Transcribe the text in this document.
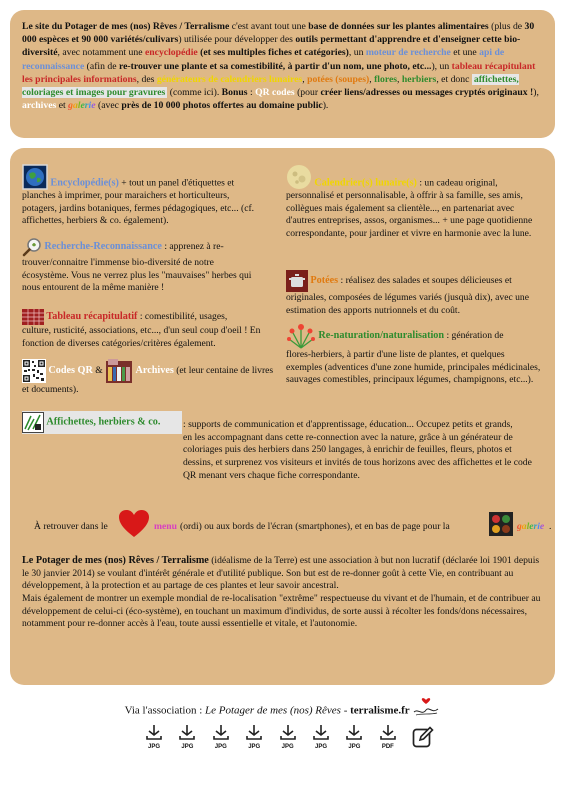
Le site du Potager de mes (nos) Rêves / Terralisme c'est avant tout une base de données sur les plantes alimentaires (plus de 30 000 espèces et 90 000 variétés/culivars) utilisée pour développer des outils permettant d'apprendre et d'enseigner cette bio-diversité, avec notamment une encyclopédie (et ses multiples fiches et catégories), un moteur de recherche et une api de reconnaissance (afin de re-trouver une plante et sa comestibilité, à partir d'un nom, une photo, etc...), un tableau récapitulant les principales informations, des générateurs de calendriers lunaires, potées (soupes), flores, herbiers, et donc affichettes, coloriages et images pour gravures (comme ici). Bonus : QR codes (pour créer liens/adresses ou messages cryptés originaux !), archives et galerie (avec près de 10 000 photos offertes au domaine public).

Encyclopédie(s) + tout un panel d'étiquettes et
planches à imprimer, pour maraichers et horticulteurs, potagers, jardins botaniques, fermes pédagogiques, etc... (cf. affichettes, herbiers & co. également).

Recherche-Reconnaissance : apprenez à re-
trouver/connaitre l'immense bio-diversité de notre écosystème. Vous ne verrez plus les "mauvaises" herbes qui nous entourent de la même manière !

Tableau récapitulatif : comestibilité, usages,
culture, rusticité, associations, etc..., d'un seul coup d'oeil ! En fonction de diverses catégories/critères également.

Codes QR &	Archives (et leur centaine de livres et documents).

Calendrier(s) lunaire(s) : un cadeau original,
personnalisé et personnalisable, à offrir à sa famille, ses amis, collègues mais également sa clientèle..., en partenariat avec d'autres entreprises, assos, organismes... + une page quotidienne correspondante, pour jardiner et vivre en harmonie avec la lune.

Potées : réalisez des salades et soupes délicieuses et
originales, composées de légumes variés (jusquà dix), avec une estimation des apports nutrionnels et du coût.

Re-naturation/naturalisation : génération de
flores-herbiers, à partir d'une liste de plantes, et quelques exemples (adventices d'une zone humide, principales médicinales, sauvages comestibles, principaux légumes, champignons, etc...).

Affichettes, herbiers & co. : supports de communication et d'apprentissage, éducation... Occupez petits et grands,
en les accompagnant dans cette re-connection avec la nature, grâce à un générateur de coloriages puis des herbiers dans 250 langages, à enrichir de feuilles, fleurs, photos et dessins, et surprenez vos visiteurs et invités de tous horizons avec des affichettes et le code QR menant vers chaque fiche correspondante.

À retrouver dans le	menu (ordi) ou aux bords de l'écran (smartphones), et en bas de page pour la	galerie .

Le Potager de mes (nos) Rêves / Terralisme (idéalisme de la Terre) est une association à but non lucratif (déclarée loi 1901 depuis le 30 janvier 2014) se voulant d'intérêt générale et d'utilité publique. Son but est de re-donner goût à cette Vie, en contribuant au développement, à la protection et au partage de ces plantes et leur savoir ancestral.

Mais également de montrer un exemple mondial de re-localisation "extrême" respectueuse du vivant et de l'humain, et de contribuer au développement de celui-ci (éco-système), en touchant un maximum d'individus, de sorte aussi à récolter les fonds/dons nécessaires, notamment pour re-donner accès à l'eau, toute aussi essentielle et vitale, et l'autonomie.

Via l'association : Le Potager de mes (nos) Rêves - terralisme.fr
JPG
	JPG
	JPG
	JPG
	JPG
	JPG
	JPG
	PDF
